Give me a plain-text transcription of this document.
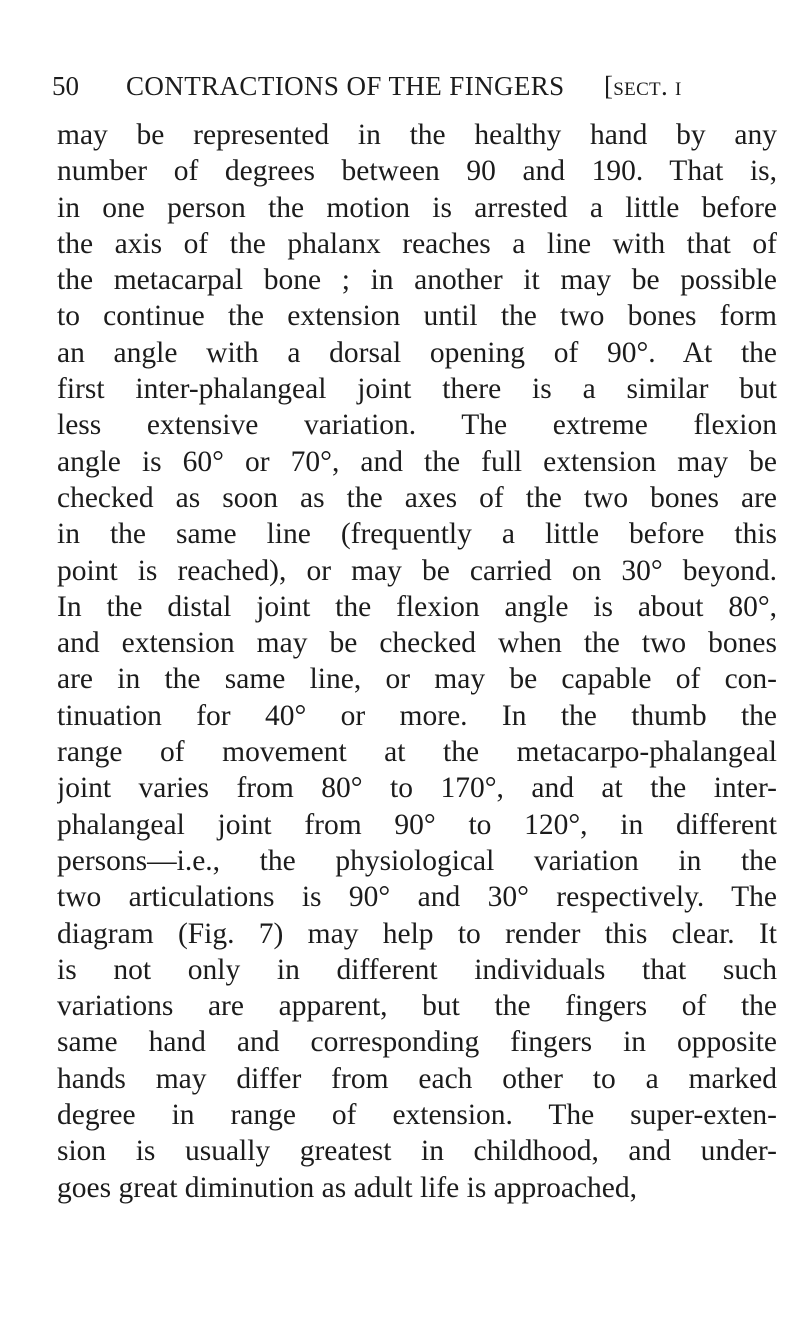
50 CONTRACTIONS OF THE FINGERS [sect. i
may be represented in the healthy hand by any
number of degrees between 90 and 190. That is,
in one person the motion is arrested a little before
the axis of the phalanx reaches a line with that of
the metacarpal bone ; in another it may be possible
to continue the extension until the two bones form
an angle with a dorsal opening of 90°. At the
first inter-phalangeal joint there is a similar but
less extensive variation. The extreme flexion
angle is 60° or 70°, and the full extension may be
checked as soon as the axes of the two bones are
in the same line (frequently a little before this
point is reached), or may be carried on 30° beyond.
In the distal joint the flexion angle is about 80°,
and extension may be checked when the two bones
are in the same line, or may be capable of con-
tinuation for 40° or more. In the thumb the
range of movement at the metacarpo-phalangeal
joint varies from 80° to 170°, and at the inter-
phalangeal joint from 90° to 120°, in different
persons—i.e., the physiological variation in the
two articulations is 90° and 30° respectively. The
diagram (Fig. 7) may help to render this clear. It
is not only in different individuals that such
variations are apparent, but the fingers of the
same hand and corresponding fingers in opposite
hands may differ from each other to a marked
degree in range of extension. The super-exten-
sion is usually greatest in childhood, and under-
goes great diminution as adult life is approached,
